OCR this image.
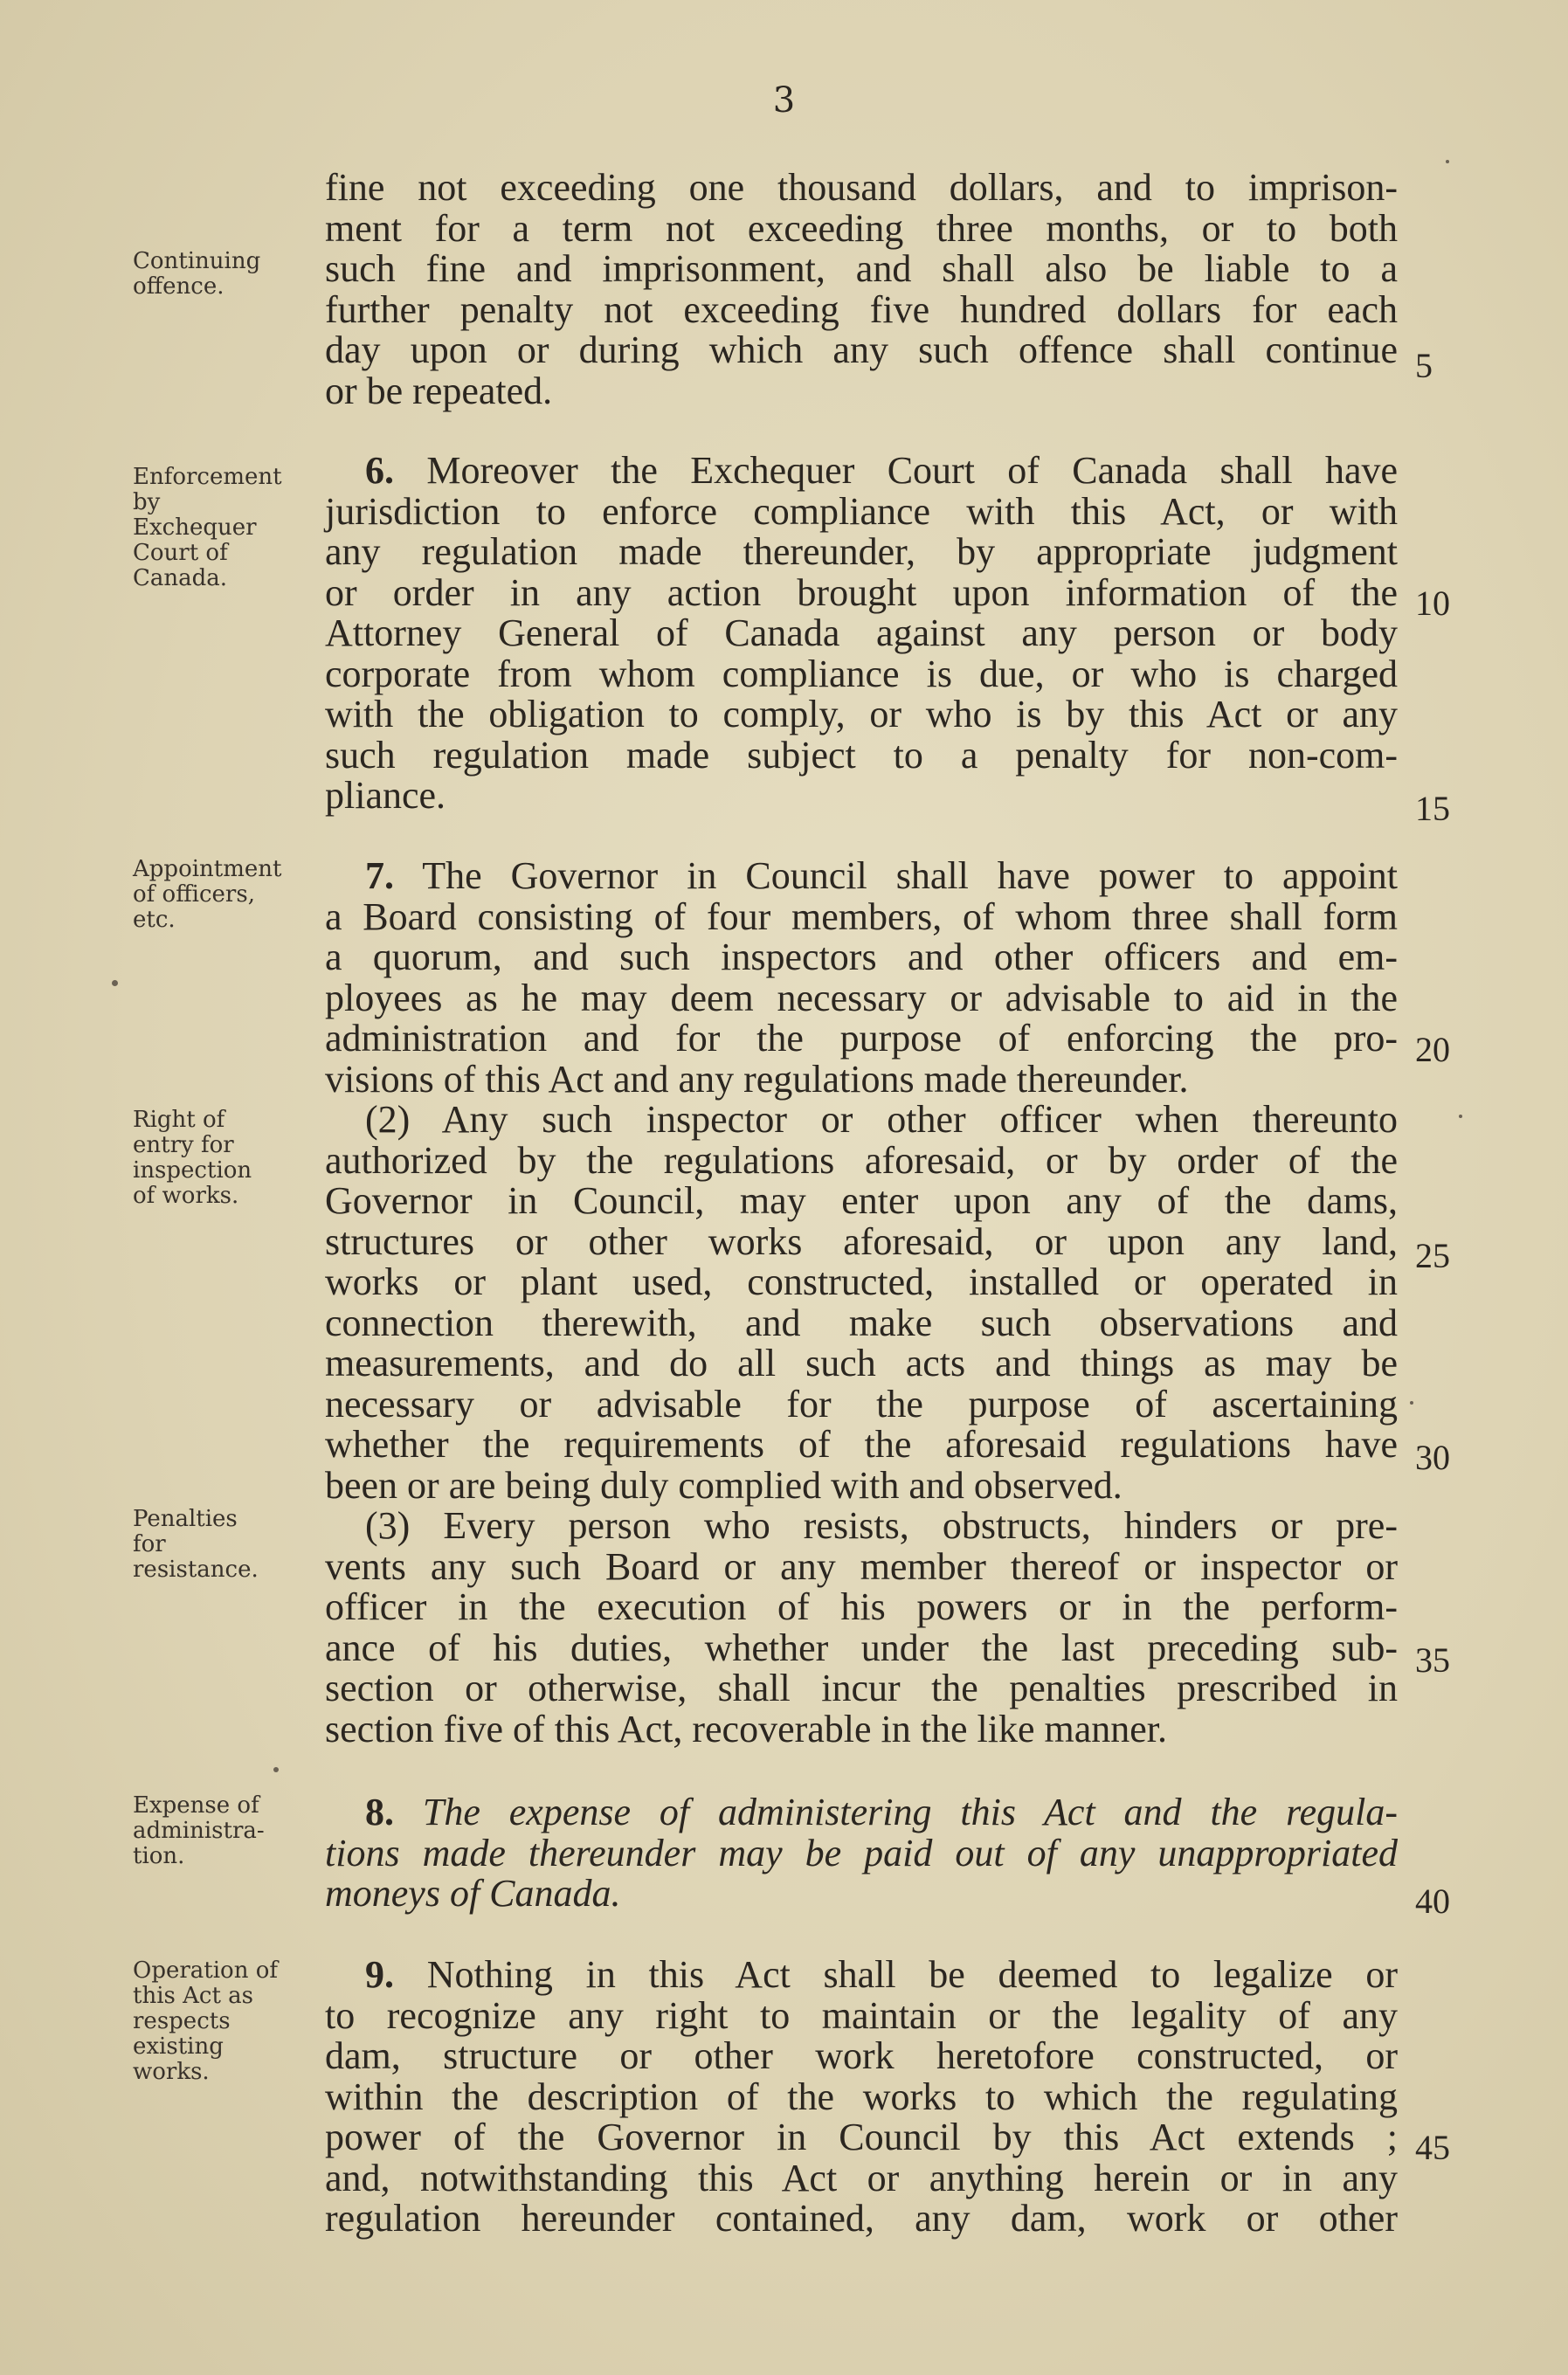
3
Continuing
offence.
Enforcement
by
Exchequer
Court of
Canada.
Appointment
of officers,
etc.
Right of
entry for
inspection
of works.
Penalties
for
resistance.
Expense of
administra-
tion.
Operation of
this Act as
respects
existing
works.
fine not exceeding one thousand dollars, and to imprison-
ment for a term not exceeding three months, or to both
such fine and imprisonment, and shall also be liable to a
further penalty not exceeding five hundred dollars for each
day upon or during which any such offence shall continue
or be repeated.
6. Moreover the Exchequer Court of Canada shall have
jurisdiction to enforce compliance with this Act, or with
any regulation made thereunder, by appropriate judgment
or order in any action brought upon information of the
Attorney General of Canada against any person or body
corporate from whom compliance is due, or who is charged
with the obligation to comply, or who is by this Act or any
such regulation made subject to a penalty for non-com-
pliance.
7. The Governor in Council shall have power to appoint
a Board consisting of four members, of whom three shall form
a quorum, and such inspectors and other officers and em-
ployees as he may deem necessary or advisable to aid in the
administration and for the purpose of enforcing the pro-
visions of this Act and any regulations made thereunder.
(2) Any such inspector or other officer when thereunto
authorized by the regulations aforesaid, or by order of the
Governor in Council, may enter upon any of the dams,
structures or other works aforesaid, or upon any land,
works or plant used, constructed, installed or operated in
connection therewith, and make such observations and
measurements, and do all such acts and things as may be
necessary or advisable for the purpose of ascertaining
whether the requirements of the aforesaid regulations have
been or are being duly complied with and observed.
(3) Every person who resists, obstructs, hinders or pre-
vents any such Board or any member thereof or inspector or
officer in the execution of his powers or in the perform-
ance of his duties, whether under the last preceding sub-
section or otherwise, shall incur the penalties prescribed in
section five of this Act, recoverable in the like manner.
8. The expense of administering this Act and the regula-
tions made thereunder may be paid out of any unappropriated
moneys of Canada.
9. Nothing in this Act shall be deemed to legalize or
to recognize any right to maintain or the legality of any
dam, structure or other work heretofore constructed, or
within the description of the works to which the regulating
power of the Governor in Council by this Act extends ;
and, notwithstanding this Act or anything herein or in any
regulation hereunder contained, any dam, work or other
5
10
15
20
25
30
35
40
45
